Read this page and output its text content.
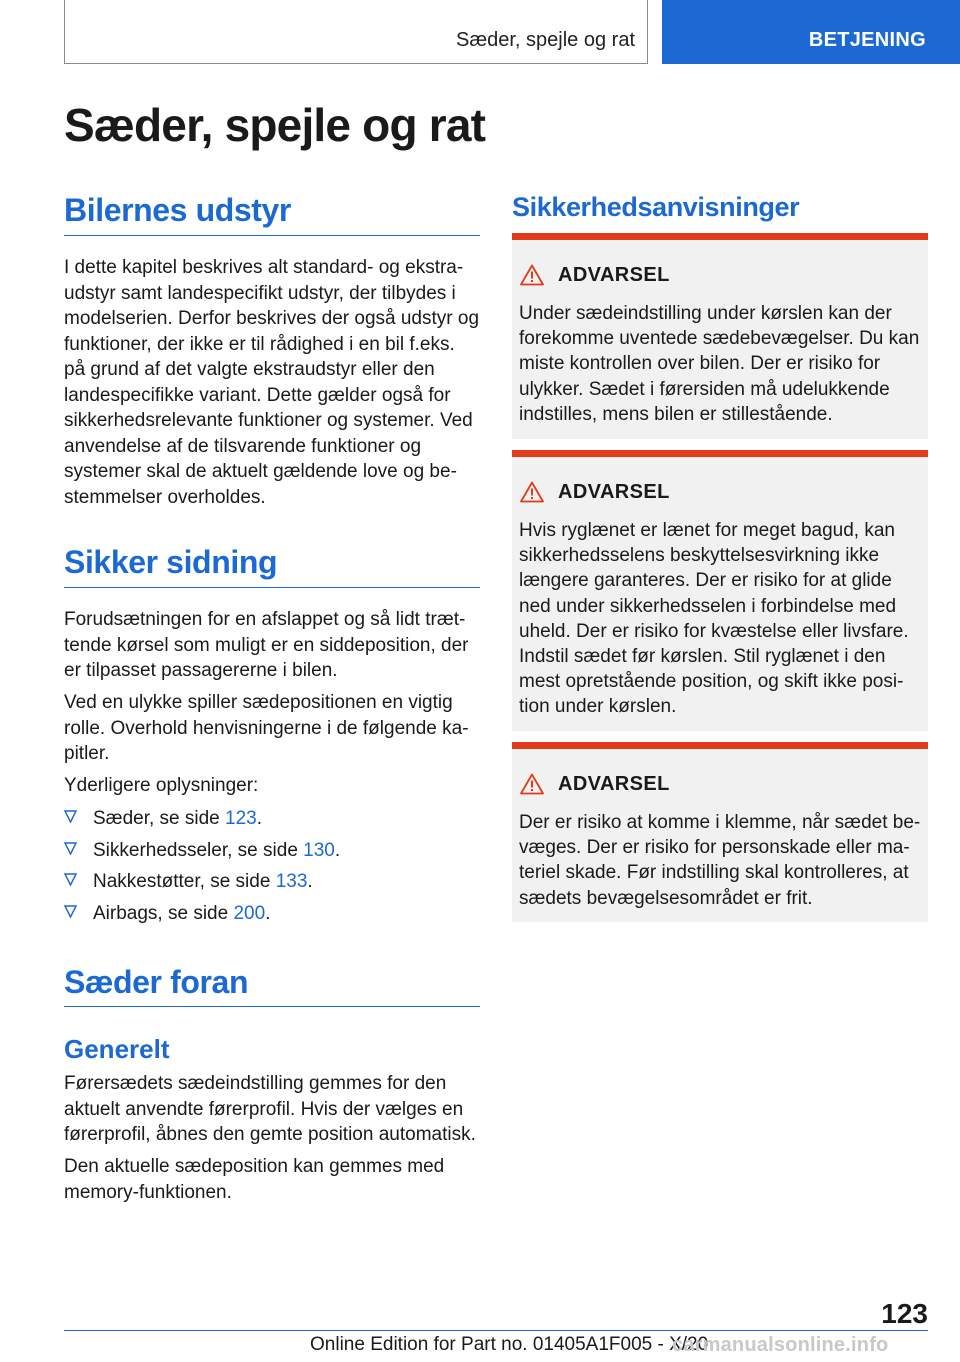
Sæder, spejle og rat	BETJENING
Sæder, spejle og rat
Bilernes udstyr

I dette kapitel beskrives alt standard- og ekstraudstyr samt landespecifikt udstyr, der tilbydes i modelserien. Derfor beskrives der også udstyr og funktioner, der ikke er til rådighed i en bil f.eks. på grund af det valgte ekstraudstyr eller den landespecifikke variant. Dette gælder også for sikkerhedsrelevante funktioner og systemer. Ved anvendelse af de tilsvarende funktioner og systemer skal de aktuelt gældende love og bestemmelser overholdes.

Sikker sidning

Forudsætningen for en afslappet og så lidt trættende kørsel som muligt er en siddeposition, der er tilpasset passagererne i bilen.

Ved en ulykke spiller sædepositionen en vigtig rolle. Overhold henvisningerne i de følgende kapitler.

Yderligere oplysninger:

Sæder, se side 123.
Sikkerhedsseler, se side 130.
Nakkestøtter, se side 133.
Airbags, se side 200.
Sæder foran
Generelt

Førersædets sædeindstilling gemmes for den aktuelt anvendte førerprofil. Hvis der vælges en førerprofil, åbnes den gemte position automatisk.

Den aktuelle sædeposition kan gemmes med memory-funktionen.

Sikkerhedsanvisninger
ADVARSEL

Under sædeindstilling under kørslen kan der forekomme uventede sædebevægelser. Du kan miste kontrollen over bilen. Der er risiko for ulykker. Sædet i førersiden må udelukkende indstilles, mens bilen er stillestående.

ADVARSEL

Hvis ryglænet er lænet for meget bagud, kan sikkerhedsselens beskyttelsesvirkning ikke længere garanteres. Der er risiko for at glide ned under sikkerhedsselen i forbindelse med uheld. Der er risiko for kvæstelse eller livsfare. Indstil sædet før kørslen. Stil ryglænet i den mest opretstående position, og skift ikke position under kørslen.

ADVARSEL

Der er risiko at komme i klemme, når sædet bevæges. Der er risiko for personskade eller materiel skade. Før indstilling skal kontrolleres, at sædets bevægelsesområdet er frit.

123
Online Edition for Part no. 01405A1F005 - X/20
carmanualsonline.info
